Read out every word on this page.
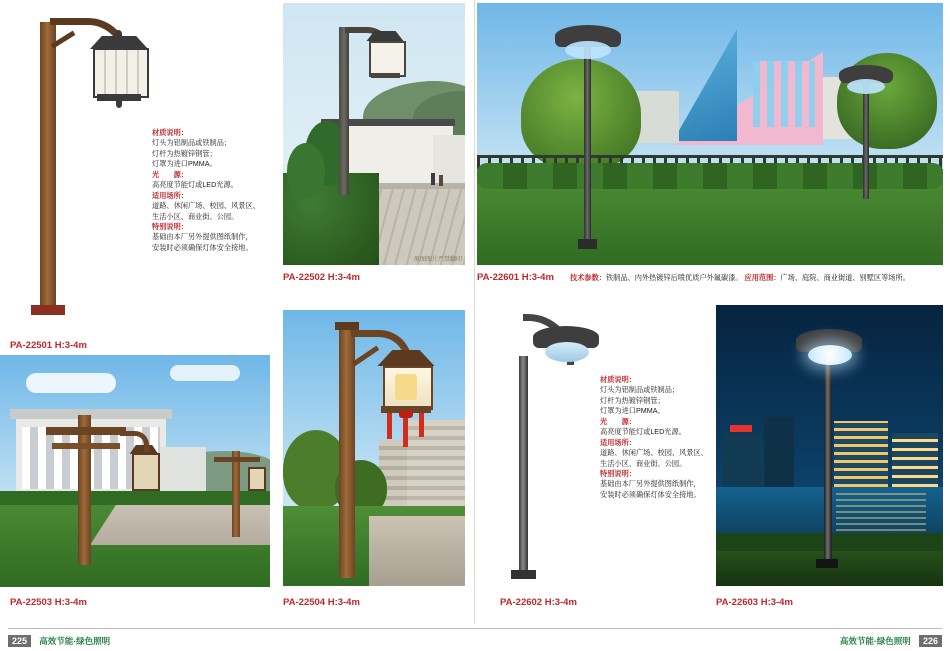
PA-22501 H:3-4m

材质说明：

灯头为铝制品或铁制品；

灯杆为热镀锌钢管；

灯罩为进口PMMA。

光　　源：

高亮度节能灯或LED光源。

适用场所：

道路、休闲广场、校园、风景区、

生活小区、商业街、公园。

特别说明：

基础由本厂另外提供图纸制作，

安装时必须确保灯体安全接地。

原图图片严禁翻印
PA-22502 H:3-4m	PA-22601 H:3-4m 技术参数：铁制品、内外热镀锌后喷优质户外氟碳漆。 应用范围：广场、庭院、商业街道、别墅区等场所。
PA-22503 H:3-4m	PA-22504 H:3-4m	PA-22602 H:3-4m

材质说明：

灯头为铝制品或铁制品；

灯杆为热镀锌钢管；

灯罩为进口PMMA。

光　　源：

高亮度节能灯或LED光源。

适用场所：

道路、休闲广场、校园、风景区、

生活小区、商业街、公园。

特别说明：

基础由本厂另外提供图纸制作，

安装时必须确保灯体安全接地。

PA-22603 H:3-4m
225 高效节能·绿色照明	高效节能·绿色照明 226
